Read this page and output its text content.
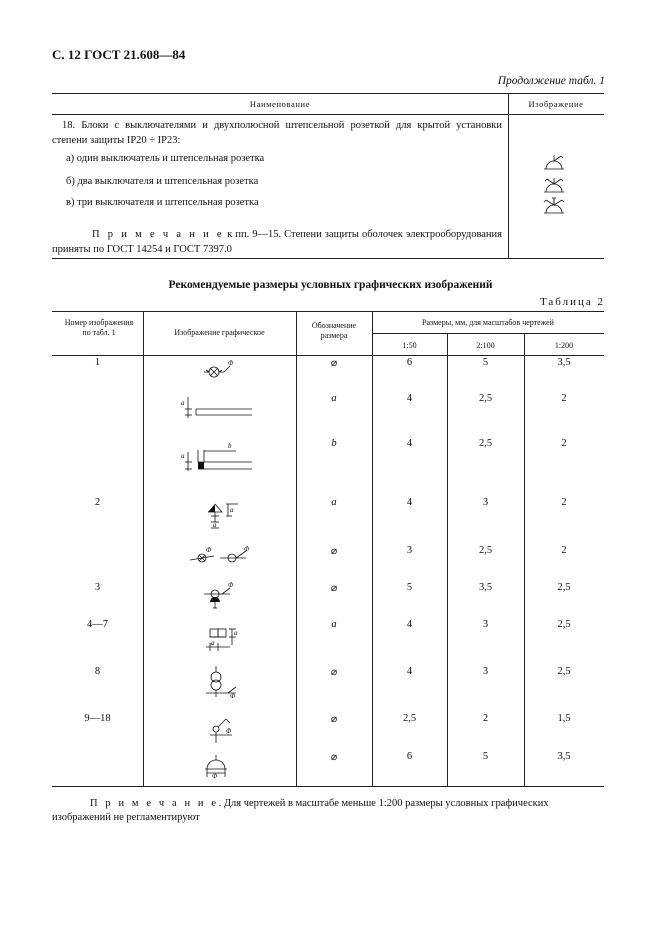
С. 12 ГОСТ 21.608—84
Продолжение табл. 1
Наименование	Изображение
18. Блоки с выключателями и двухполюсной штепсельной розеткой для крытой установки степени защиты IP20 ÷ IP23:
а) один выключатель и штепсельная розетка
б) два выключателя и штепсельная розетка
в) три выключателя и штепсельная розетка
П р и м е ч а н и е к пп. 9—15. Степени защиты оболочек электрооборудования приняты по ГОСТ 14254 и ГОСТ 7397.0
Рекомендуемые размеры условных графических изображений
Таблица 2
Номер изображения по табл. 1	Изображение графическое
Обозначение размера
Размеры, мм, для масштабов чертежей
1:50	2:100	1:200
1	⌀	6	5	3,5
a	4	2,5	2
b	4	2,5	2
2	a	4	3	2
⌀	3	2,5	2
3	⌀	5	3,5	2,5
4—7	a	4	3	2,5
8	⌀	4	3	2,5
9—18	⌀	2,5	2	1,5
⌀	6	5	3,5
Φ
a
b
a
a
a
Φ	Φ
Φ
a
a
Φ
Φ
Φ
П р и м е ч а н и е. Для чертежей в масштабе меньше 1:200 размеры условных графических изображений не регламентируют
